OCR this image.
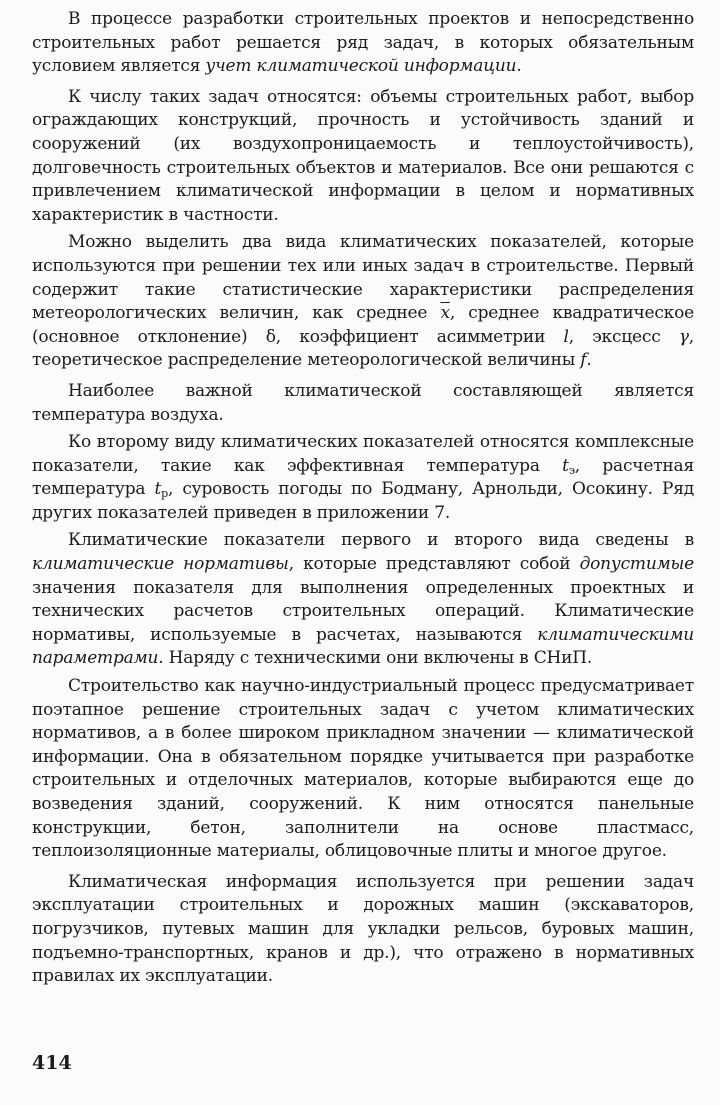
В процессе разработки строительных проектов и непосредственно строительных работ решается ряд задач, в которых обязательным условием является учет климатической информации.

К числу таких задач относятся: объемы строительных работ, выбор ограждающих конструкций, прочность и устойчивость зданий и сооружений (их воздухопроницаемость и теплоустойчивость), долговечность строительных объектов и материалов. Все они решаются с привлечением климатической информации в целом и нормативных характеристик в частности.

Можно выделить два вида климатических показателей, которые используются при решении тех или иных задач в строительстве. Первый содержит такие статистические характеристики распределения метеорологических величин, как среднее $\overline{x}$, среднее квадратическое (основное отклонение) δ, коэффициент асимметрии l, эксцесс γ, теоретическое распределение метеорологической величины f.

Наиболее важной климатической составляющей является температура воздуха.

Ко второму виду климатических показателей относятся комплексные показатели, такие как эффективная температура $t_э$, расчетная температура $t_р$, суровость погоды по Бодману, Арнольди, Осокину. Ряд других показателей приведен в приложении 7.

Климатические показатели первого и второго вида сведены в климатические нормативы, которые представляют собой допустимые значения показателя для выполнения определенных проектных и технических расчетов строительных операций. Климатические нормативы, используемые в расчетах, называются климатическими параметрами. Наряду с техническими они включены в СНиП.

Строительство как научно-индустриальный процесс предусматривает поэтапное решение строительных задач с учетом климатических нормативов, а в более широком прикладном значении — климатической информации. Она в обязательном порядке учитывается при разработке строительных и отделочных материалов, которые выбираются еще до возведения зданий, сооружений. К ним относятся панельные конструкции, бетон, заполнители на основе пластмасс, теплоизоляционные материалы, облицовочные плиты и многое другое.

Климатическая информация используется при решении задач эксплуатации строительных и дорожных машин (экскаваторов, погрузчиков, путевых машин для укладки рельсов, буровых машин, подъемно-транспортных, кранов и др.), что отражено в нормативных правилах их эксплуатации.

414
